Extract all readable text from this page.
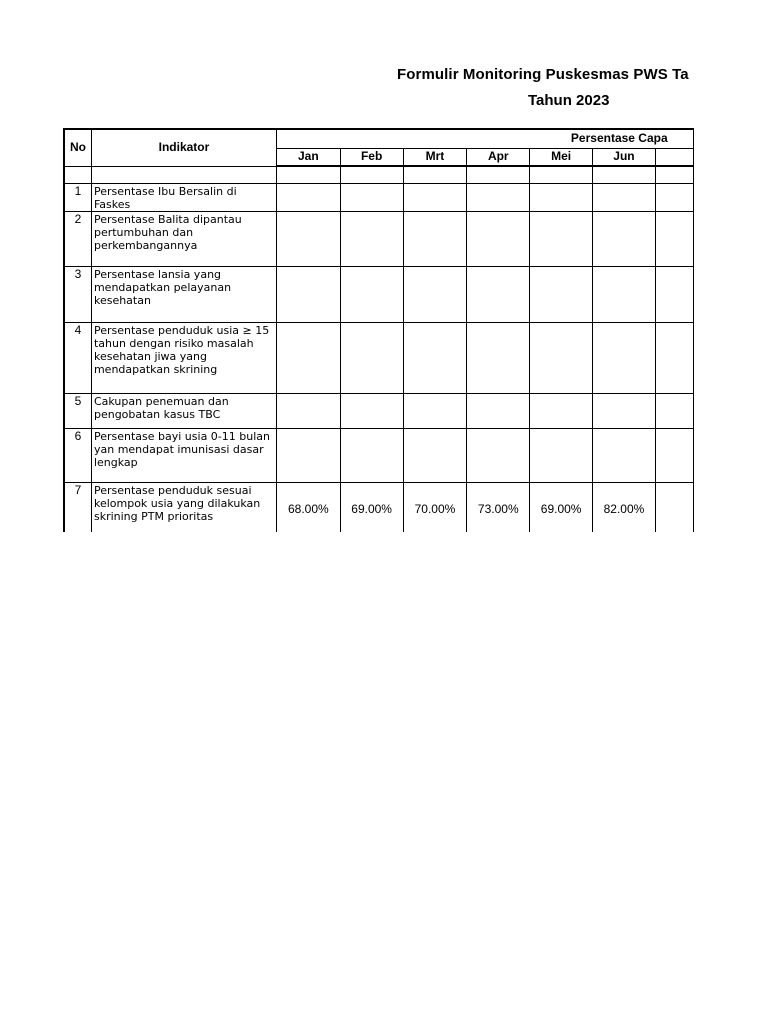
Formulir Monitoring Puskesmas PWS Ta
Tahun 2023
No	Indikator	Persentase Capa						
		Jan	Feb	Mrt	Apr	Mei	Jun	

1	Persentase Ibu Bersalin di Faskes							
2	Persentase Balita dipantau pertumbuhan dan perkembangannya							
3	Persentase lansia yang mendapatkan pelayanan kesehatan							
4	Persentase penduduk usia ≥ 15 tahun dengan risiko masalah kesehatan jiwa yang mendapatkan skrining							
5	Cakupan penemuan dan pengobatan kasus TBC							
6	Persentase bayi usia 0-11 bulan yan mendapat imunisasi dasar lengkap							
7	Persentase penduduk sesuai kelompok usia yang dilakukan skrining PTM prioritas	68.00%	69.00%	70.00%	73.00%	69.00%	82.00%	
